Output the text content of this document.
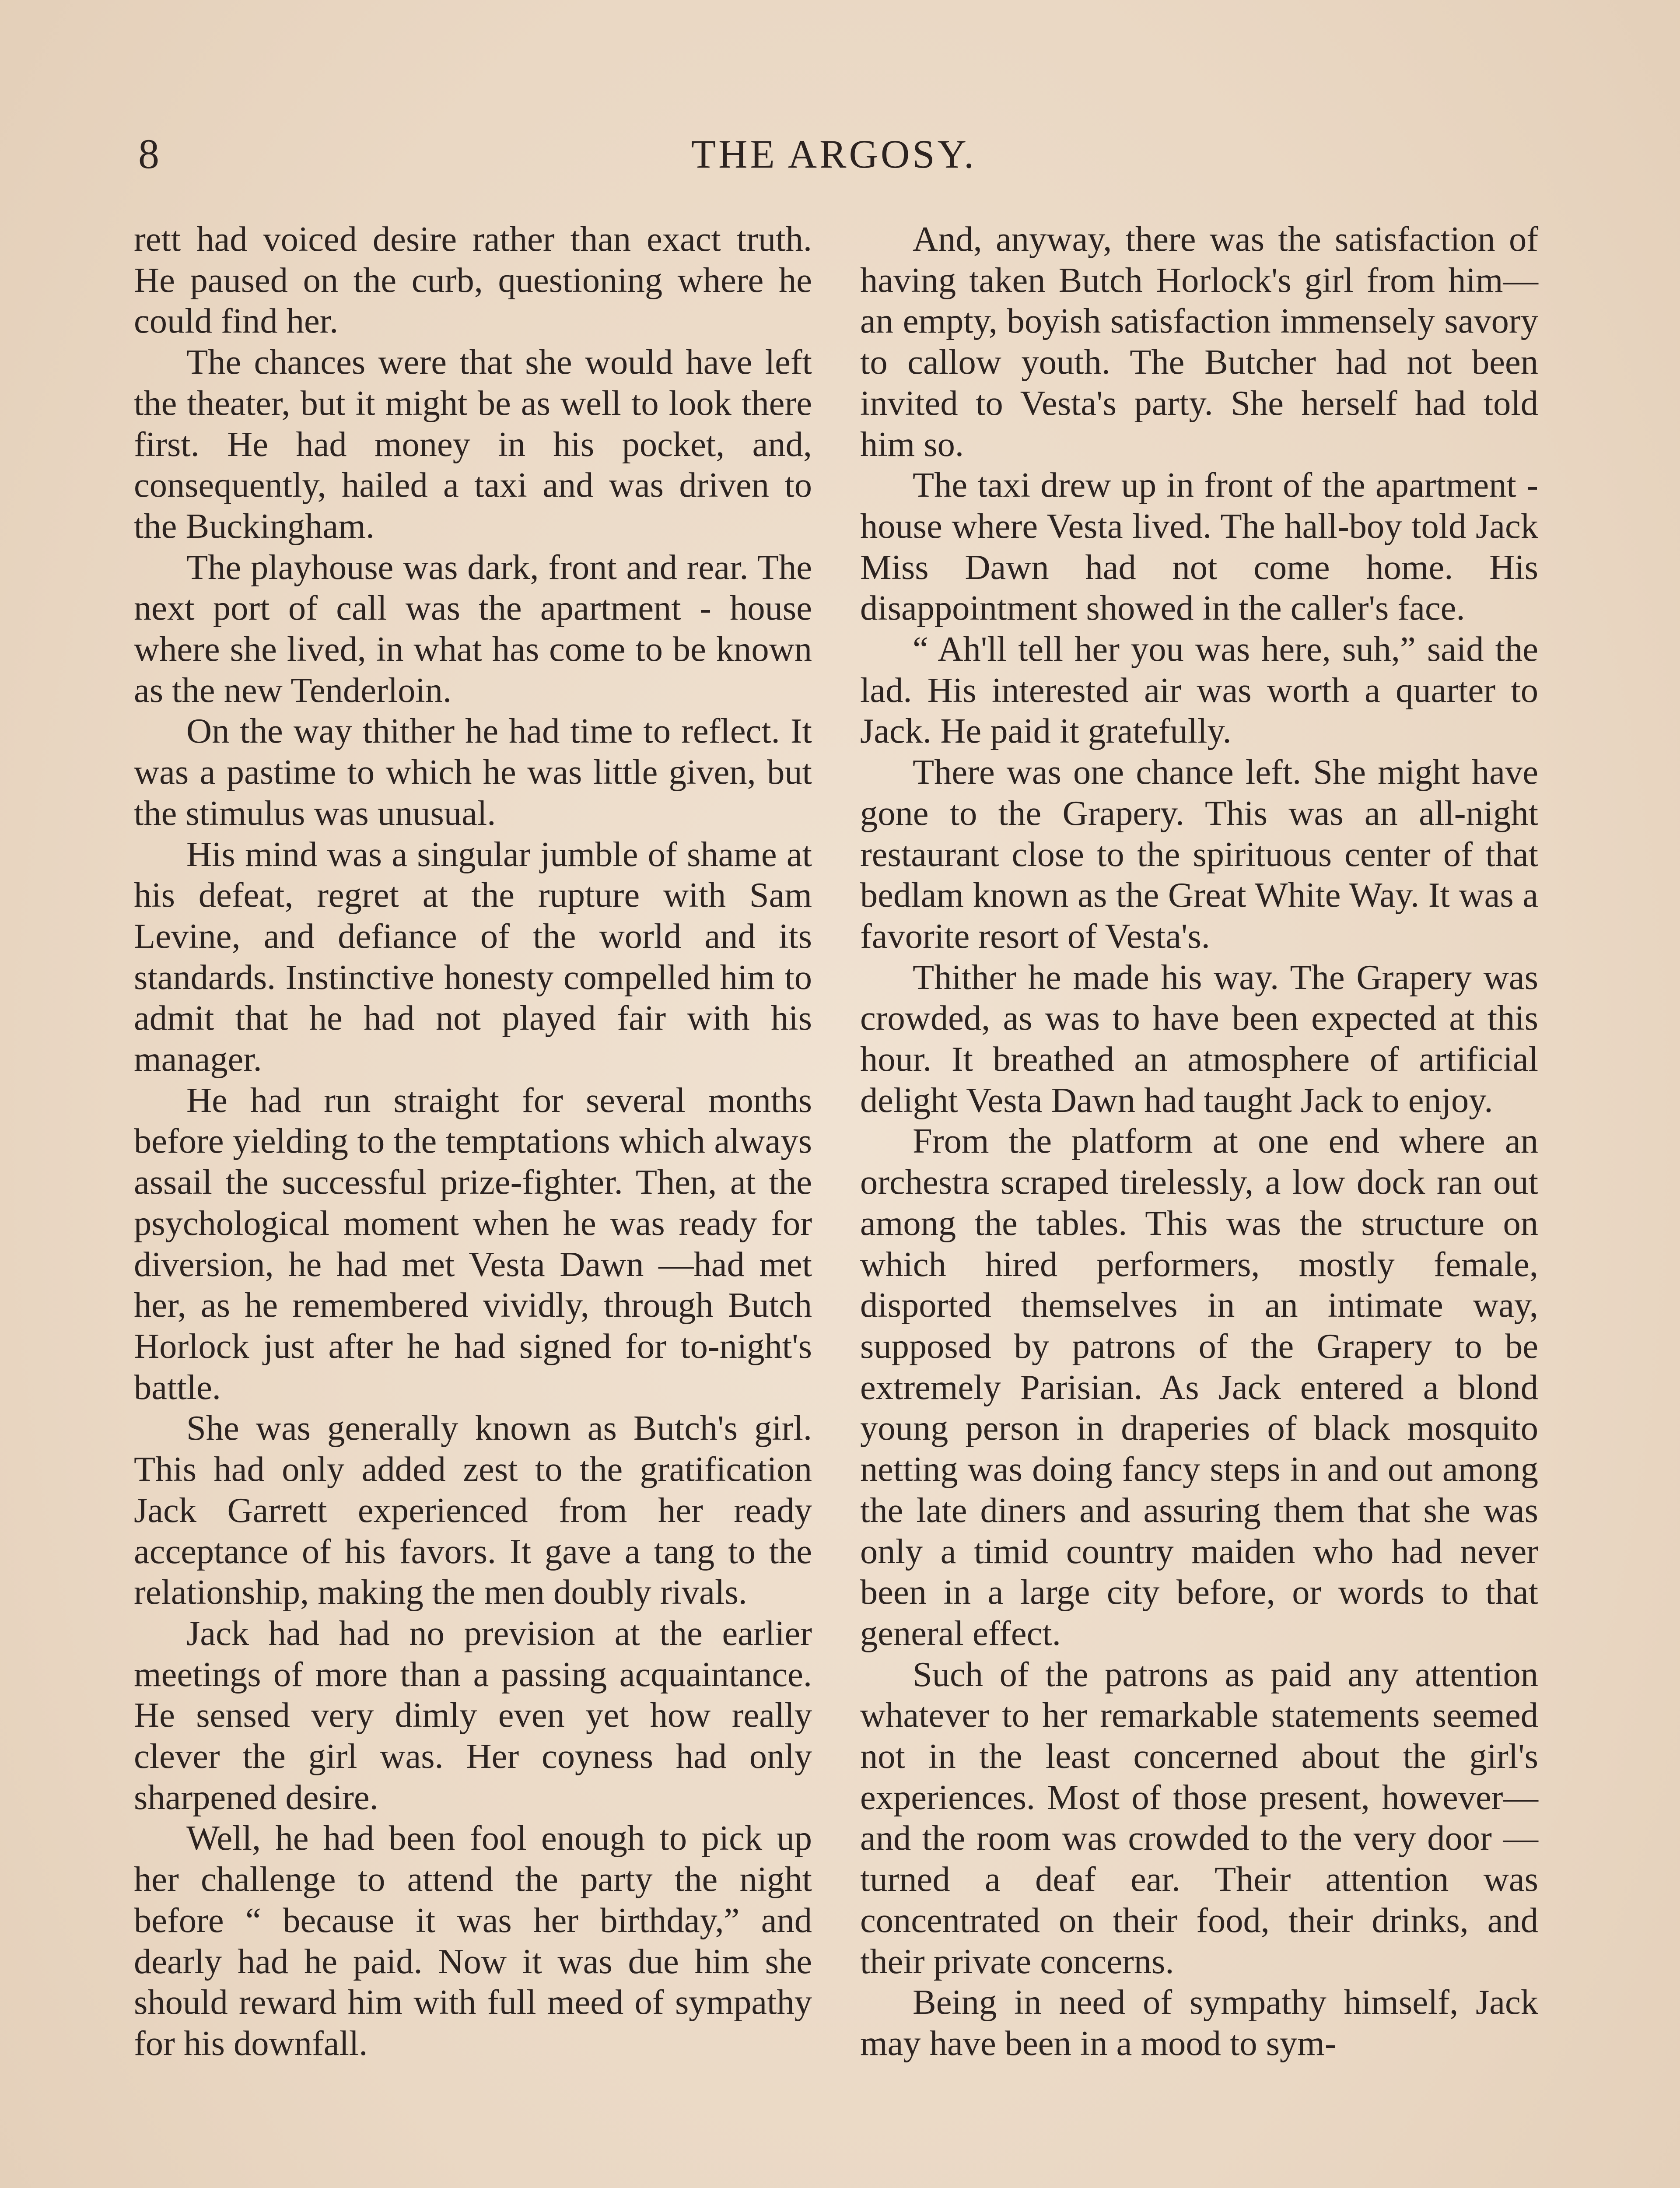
8	THE ARGOSY.

rett had voiced desire rather than exact truth. He paused on the curb, questioning where he could find her.

The chances were that she would have left the theater, but it might be as well to look there first. He had money in his pocket, and, consequently, hailed a taxi and was driven to the Buckingham.

The playhouse was dark, front and rear. The next port of call was the apartment - house where she lived, in what has come to be known as the new Tenderloin.

On the way thither he had time to reflect. It was a pastime to which he was little given, but the stimulus was unusual.

His mind was a singular jumble of shame at his defeat, regret at the rupture with Sam Levine, and defiance of the world and its standards. Instinctive honesty compelled him to admit that he had not played fair with his manager.

He had run straight for several months before yielding to the temptations which always assail the successful prize-fighter. Then, at the psychological moment when he was ready for diversion, he had met Vesta Dawn —had met her, as he remembered vividly, through Butch Horlock just after he had signed for to-night's battle.

She was generally known as Butch's girl. This had only added zest to the gratification Jack Garrett experienced from her ready acceptance of his favors. It gave a tang to the relationship, making the men doubly rivals.

Jack had had no prevision at the earlier meetings of more than a passing acquaintance. He sensed very dimly even yet how really clever the girl was. Her coyness had only sharpened desire.

Well, he had been fool enough to pick up her challenge to attend the party the night before “ because it was her birthday,” and dearly had he paid. Now it was due him she should reward him with full meed of sympathy for his downfall.

And, anyway, there was the satisfaction of having taken Butch Horlock's girl from him—an empty, boyish satisfaction immensely savory to callow youth. The Butcher had not been invited to Vesta's party. She herself had told him so.

The taxi drew up in front of the apartment - house where Vesta lived. The hall-boy told Jack Miss Dawn had not come home. His disappointment showed in the caller's face.

“ Ah'll tell her you was here, suh,” said the lad. His interested air was worth a quarter to Jack. He paid it gratefully.

There was one chance left. She might have gone to the Grapery. This was an all-night restaurant close to the spirituous center of that bedlam known as the Great White Way. It was a favorite resort of Vesta's.

Thither he made his way. The Grapery was crowded, as was to have been expected at this hour. It breathed an atmosphere of artificial delight Vesta Dawn had taught Jack to enjoy.

From the platform at one end where an orchestra scraped tirelessly, a low dock ran out among the tables. This was the structure on which hired performers, mostly female, disported themselves in an intimate way, supposed by patrons of the Grapery to be extremely Parisian. As Jack entered a blond young person in draperies of black mosquito netting was doing fancy steps in and out among the late diners and assuring them that she was only a timid country maiden who had never been in a large city before, or words to that general effect.

Such of the patrons as paid any attention whatever to her remarkable statements seemed not in the least concerned about the girl's experiences. Most of those present, however—and the room was crowded to the very door —turned a deaf ear. Their attention was concentrated on their food, their drinks, and their private concerns.

Being in need of sympathy himself, Jack may have been in a mood to sym-
